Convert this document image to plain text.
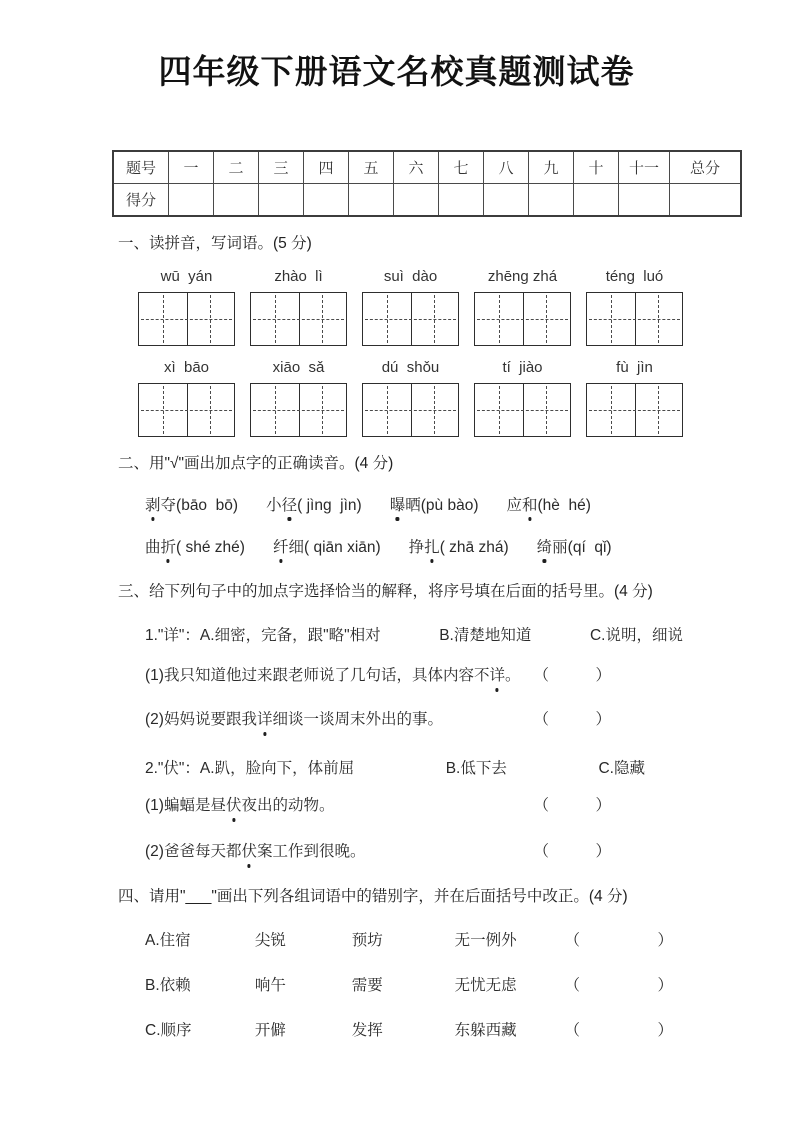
四年级下册语文名校真题测试卷
题号	一	二	三	四	五	六	七	八	九	十	十一	总分
得分												
一、读拼音，写词语。(5 分)
wū  yán	zhào  lì	suì  dào	zhēng zhá	téng  luó
xì  bāo	xiāo  sǎ	dú  shǒu	tí  jiào	fù  jìn
二、用"√"画出加点字的正确读音。(4 分)
剥夺(bāo  bō) 小径( jìng  jìn) 曝晒(pù bào) 应和(hè  hé)
曲折( shé zhé) 纤细( qiān xiān) 挣扎( zhā zhá) 绮丽(qí  qǐ)
三、给下列句子中的加点字选择恰当的解释，将序号填在后面的括号里。(4 分)
1."详"：A.细密，完备，跟"略"相对	B.清楚地知道	C.说明，细说
(1)我只知道他过来跟老师说了几句话，具体内容不详。 （　　　）
(2)妈妈说要跟我详细谈一谈周末外出的事。	（　　　）
2."伏"：A.趴，脸向下，体前屈	B.低下去	C.隐藏
(1)蝙蝠是昼伏夜出的动物。	（　　　）
(2)爸爸每天都伏案工作到很晚。	（　　　）
四、请用"___"画出下列各组词语中的错别字，并在后面括号中改正。(4 分)
A.住宿	尖锐	预坊	无一例外	（　　　　　）
B.依赖	响午	需要	无忧无虑	（　　　　　）
C.顺序	开僻	发挥	东躲西藏	（　　　　　）
